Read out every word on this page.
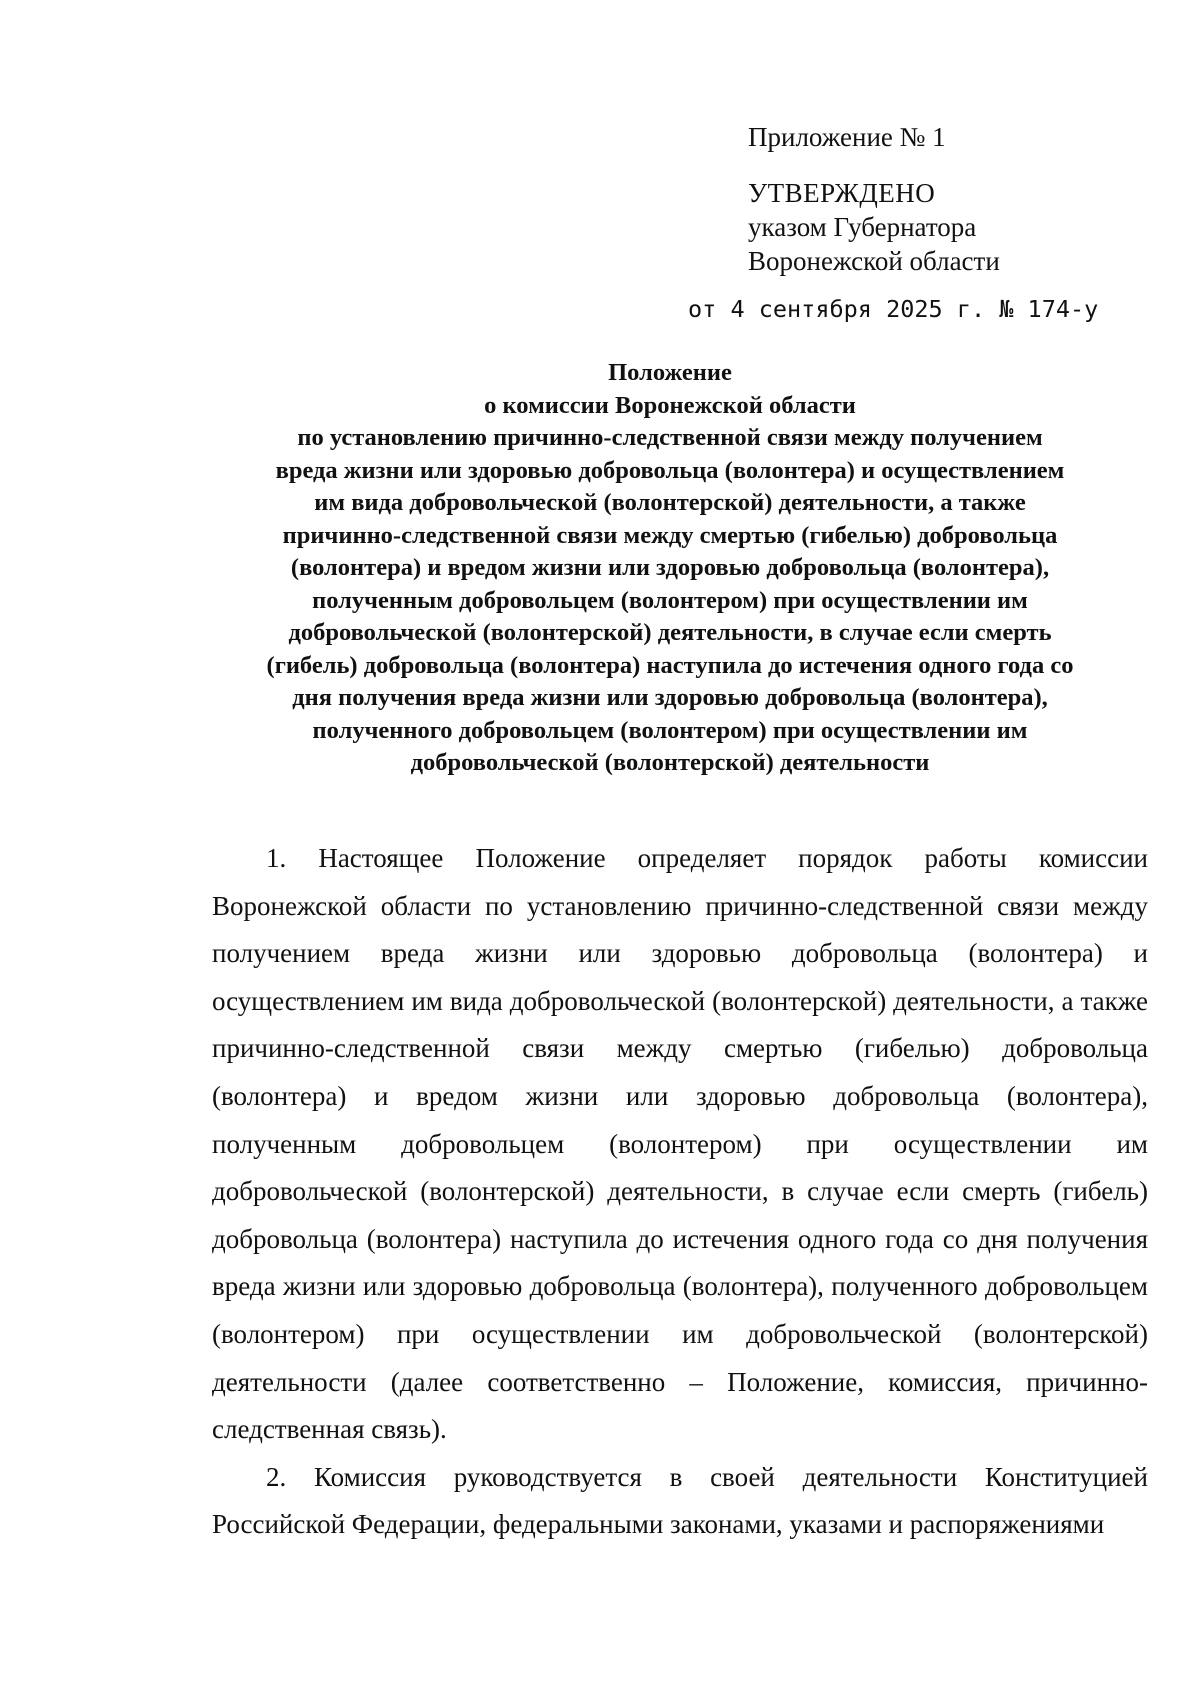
Приложение № 1
УТВЕРЖДЕНО
указом Губернатора
Воронежской области
от 4 сентября 2025 г. № 174-у
Положение
о комиссии Воронежской области
по установлению причинно-следственной связи между получением
вреда жизни или здоровью добровольца (волонтера) и осуществлением
им вида добровольческой (волонтерской) деятельности, а также
причинно-следственной связи между смертью (гибелью) добровольца
(волонтера) и вредом жизни или здоровью добровольца (волонтера),
полученным добровольцем (волонтером) при осуществлении им
добровольческой (волонтерской) деятельности, в случае если смерть
(гибель) добровольца (волонтера) наступила до истечения одного года со
дня получения вреда жизни или здоровью добровольца (волонтера),
полученного добровольцем (волонтером) при осуществлении им
добровольческой (волонтерской) деятельности

1. Настоящее Положение определяет порядок работы комиссии Воронежской области по установлению причинно-следственной связи между получением вреда жизни или здоровью добровольца (волонтера) и осуществлением им вида добровольческой (волонтерской) деятельности, а также причинно-следственной связи между смертью (гибелью) добровольца (волонтера) и вредом жизни или здоровью добровольца (волонтера), полученным добровольцем (волонтером) при осуществлении им добровольческой (волонтерской) деятельности, в случае если смерть (гибель) добровольца (волонтера) наступила до истечения одного года со дня получения вреда жизни или здоровью добровольца (волонтера), полученного добровольцем (волонтером) при осуществлении им добровольческой (волонтерской) деятельности (далее соответственно – Положение, комиссия, причинно-следственная связь).

2. Комиссия руководствуется в своей деятельности Конституцией Российской Федерации, федеральными законами, указами и распоряжениями
